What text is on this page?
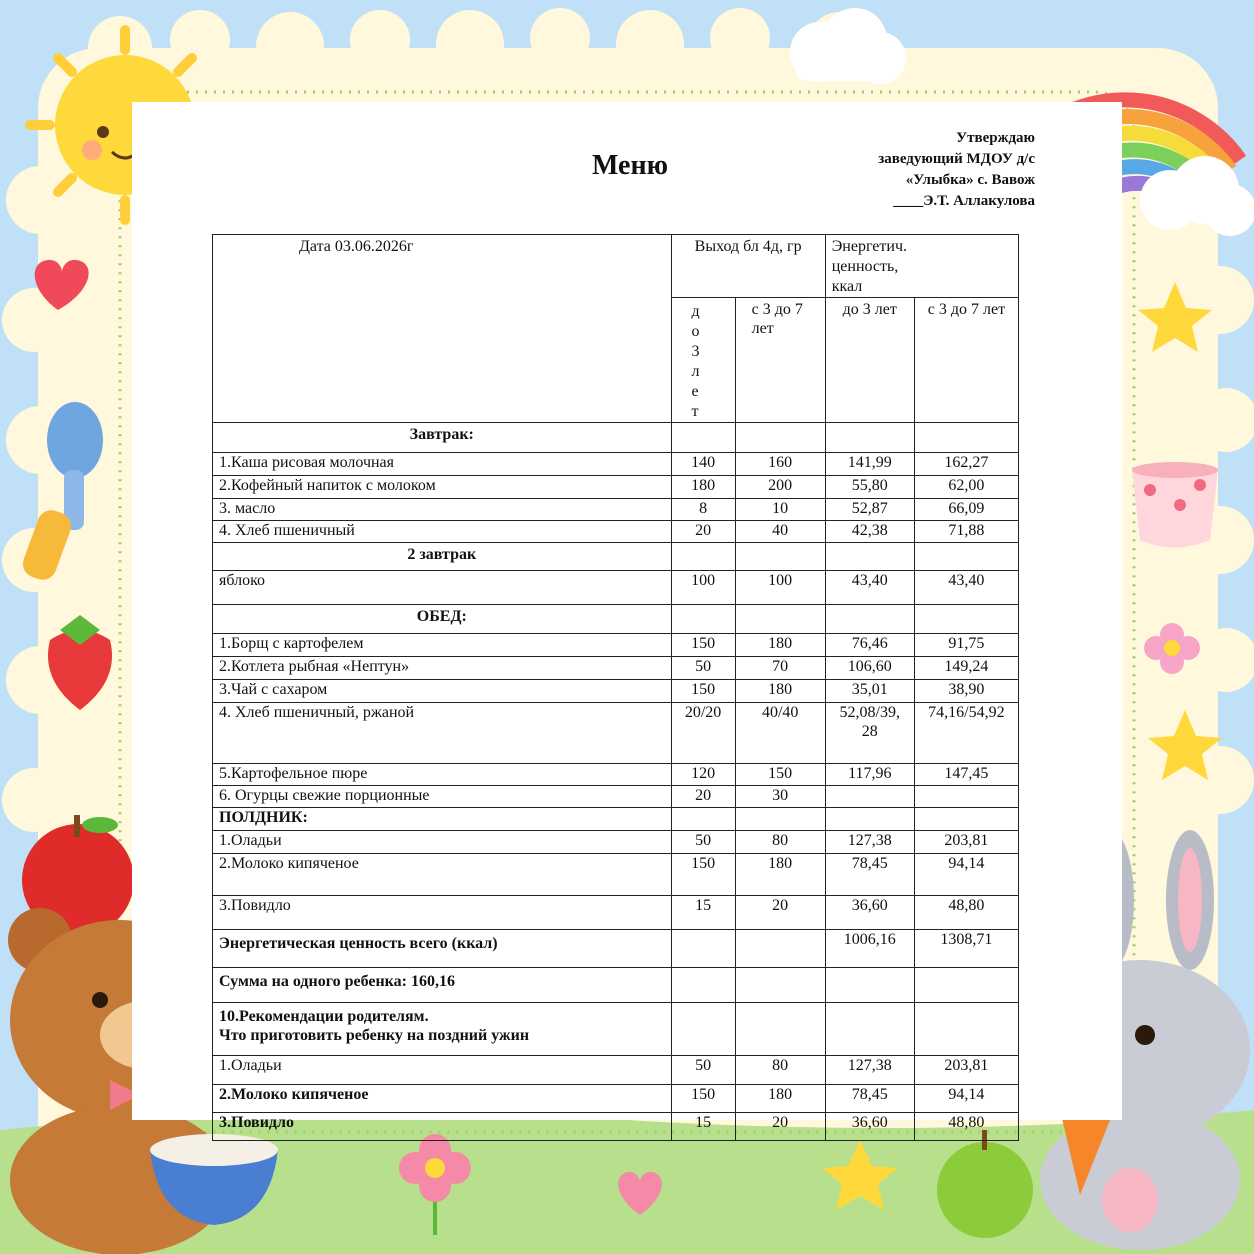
Меню
Утверждаю
заведующий МДОУ д/с
«Улыбка» с. Вавож
____Э.Т. Аллакулова
Дата 03.06.2026г	Выход бл 4д, гр		Энергетич. ценность, ккал	

	до3лет	с 3 до 7 лет	до 3 лет	с 3 до 7 лет
Завтрак:				
1.Каша рисовая молочная	140	160	141,99	162,27
2.Кофейный напиток с молоком	180	200	55,80	62,00
3. масло	8	10	52,87	66,09
4. Хлеб пшеничный	20	40	42,38	71,88
2 завтрак				
яблоко	100	100	43,40	43,40
ОБЕД:				
1.Борщ с картофелем	150	180	76,46	91,75
2.Котлета рыбная «Нептун»	50	70	106,60	149,24
3.Чай с сахаром	150	180	35,01	38,90
4. Хлеб пшеничный, ржаной	20/20	40/40	52,08/39, 28	74,16/54,92
5.Картофельное пюре	120	150	117,96	147,45
6. Огурцы свежие порционные	20	30		
ПОЛДНИК:				
1.Оладьи	50	80	127,38	203,81
2.Молоко кипяченое	150	180	78,45	94,14
3.Повидло	15	20	36,60	48,80
Энергетическая ценность всего (ккал)			1006,16	1308,71
Сумма на одного ребенка: 160,16				

10.Рекомендации родителям.
Что приготовить ребенку на поздний ужин				

1.Оладьи	50	80	127,38	203,81
2.Молоко кипяченое	150	180	78,45	94,14
3.Повидло	15	20	36,60	48,80
